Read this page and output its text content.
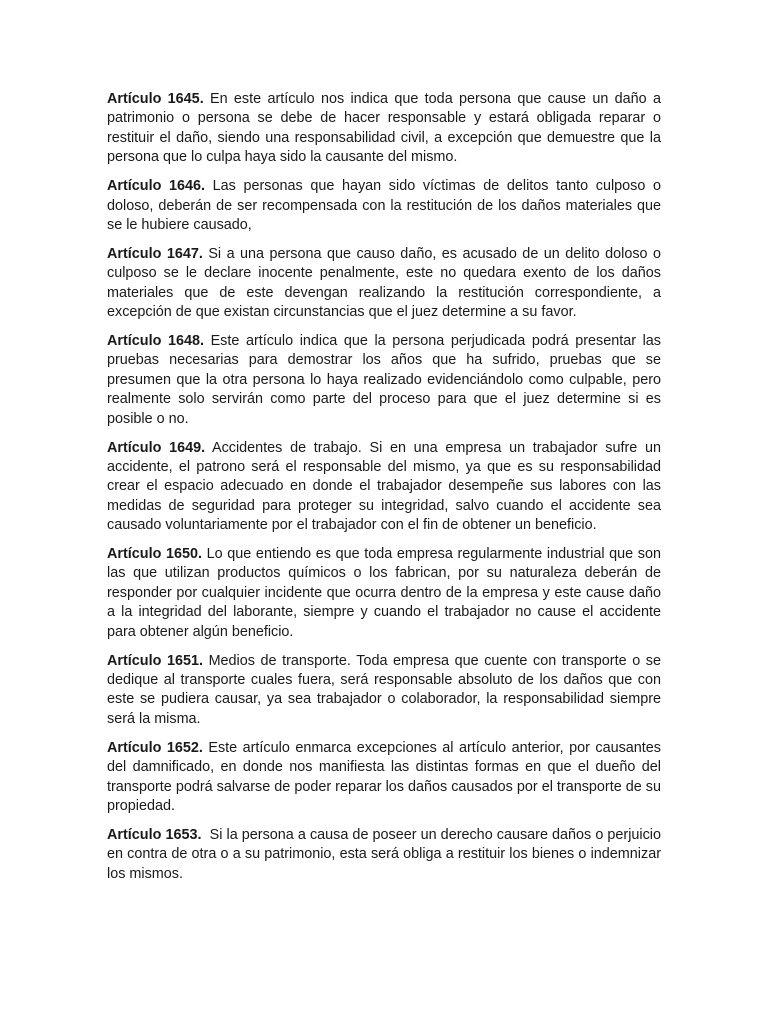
Artículo 1645. En este artículo nos indica que toda persona que cause un daño a patrimonio o persona se debe de hacer responsable y estará obligada reparar o restituir el daño, siendo una responsabilidad civil, a excepción que demuestre que la persona que lo culpa haya sido la causante del mismo.

Artículo 1646. Las personas que hayan sido víctimas de delitos tanto culposo o doloso, deberán de ser recompensada con la restitución de los daños materiales que se le hubiere causado,

Artículo 1647. Si a una persona que causo daño, es acusado de un delito doloso o culposo se le declare inocente penalmente, este no quedara exento de los daños materiales que de este devengan realizando la restitución correspondiente, a excepción de que existan circunstancias que el juez determine a su favor.

Artículo 1648. Este artículo indica que la persona perjudicada podrá presentar las pruebas necesarias para demostrar los años que ha sufrido, pruebas que se presumen que la otra persona lo haya realizado evidenciándolo como culpable, pero realmente solo servirán como parte del proceso para que el juez determine si es posible o no.

Artículo 1649. Accidentes de trabajo. Si en una empresa un trabajador sufre un accidente, el patrono será el responsable del mismo, ya que es su responsabilidad crear el espacio adecuado en donde el trabajador desempeñe sus labores con las medidas de seguridad para proteger su integridad, salvo cuando el accidente sea causado voluntariamente por el trabajador con el fin de obtener un beneficio.

Artículo 1650. Lo que entiendo es que toda empresa regularmente industrial que son las que utilizan productos químicos o los fabrican, por su naturaleza deberán de responder por cualquier incidente que ocurra dentro de la empresa y este cause daño a la integridad del laborante, siempre y cuando el trabajador no cause el accidente para obtener algún beneficio.

Artículo 1651. Medios de transporte. Toda empresa que cuente con transporte o se dedique al transporte cuales fuera, será responsable absoluto de los daños que con este se pudiera causar, ya sea trabajador o colaborador, la responsabilidad siempre será la misma.

Artículo 1652. Este artículo enmarca excepciones al artículo anterior, por causantes del damnificado, en donde nos manifiesta las distintas formas en que el dueño del transporte podrá salvarse de poder reparar los daños causados por el transporte de su propiedad.

Artículo 1653. Si la persona a causa de poseer un derecho causare daños o perjuicio en contra de otra o a su patrimonio, esta será obliga a restituir los bienes o indemnizar los mismos.
